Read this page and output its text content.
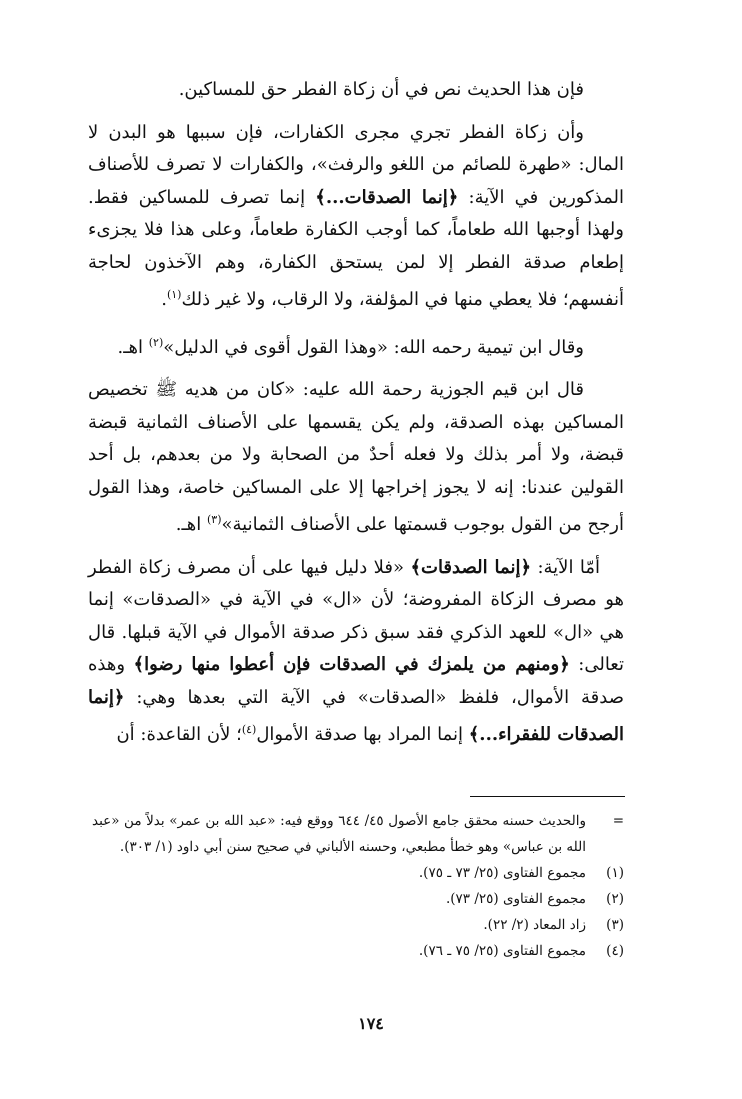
فإن هذا الحديث نص في أن زكاة الفطر حق للمساكين.

وأن زكاة الفطر تجري مجرى الكفارات، فإن سببها هو البدن لا المال: «طهرة للصائم من اللغو والرفث»، والكفارات لا تصرف للأصناف المذكورين في الآية: ﴿إنما الصدقات...﴾ إنما تصرف للمساكين فقط. ولهذا أوجبها الله طعاماً، كما أوجب الكفارة طعاماً، وعلى هذا فلا يجزىء إطعام صدقة الفطر إلا لمن يستحق الكفارة، وهم الآخذون لحاجة أنفسهم؛ فلا يعطي منها في المؤلفة، ولا الرقاب، ولا غير ذلك$^{(١)}$.

وقال ابن تيمية رحمه الله: «وهذا القول أقوى في الدليل»$^{(٢)}$ اهـ.

قال ابن قيم الجوزية رحمة الله عليه: «كان من هديه ﷺ تخصيص المساكين بهذه الصدقة، ولم يكن يقسمها على الأصناف الثمانية قبضة قبضة، ولا أمر بذلك ولا فعله أحدٌ من الصحابة ولا من بعدهم، بل أحد القولين عندنا: إنه لا يجوز إخراجها إلا على المساكين خاصة، وهذا القول أرجح من القول بوجوب قسمتها على الأصناف الثمانية»$^{(٣)}$ اهـ.

أمّا الآية: ﴿إنما الصدقات﴾ «فلا دليل فيها على أن مصرف زكاة الفطر هو مصرف الزكاة المفروضة؛ لأن «ال» في الآية في «الصدقات» إنما هي «ال» للعهد الذكري فقد سبق ذكر صدقة الأموال في الآية قبلها. قال تعالى: ﴿ومنهم من يلمزك في الصدقات فإن أعطوا منها رضوا﴾ وهذه صدقة الأموال، فلفظ «الصدقات» في الآية التي بعدها وهي: ﴿إنما الصدقات للفقراء...﴾ إنما المراد بها صدقة الأموال$^{(٤)}$؛ لأن القاعدة: أن

=
والحديث حسنه محقق جامع الأصول ٤٥/ ٦٤٤ ووقع فيه: «عبد الله بن عمر» بدلاً من «عبد الله بن عباس» وهو خطأ مطبعي، وحسنه الألباني في صحيح سنن أبي داود (١/ ٣٠٣).
(١)
مجموع الفتاوى (٢٥/ ٧٣ ـ ٧٥).
(٢)
مجموع الفتاوى (٢٥/ ٧٣).
(٣)
زاد المعاد (٢/ ٢٢).
(٤)
مجموع الفتاوى (٢٥/ ٧٥ ـ ٧٦).
١٧٤
